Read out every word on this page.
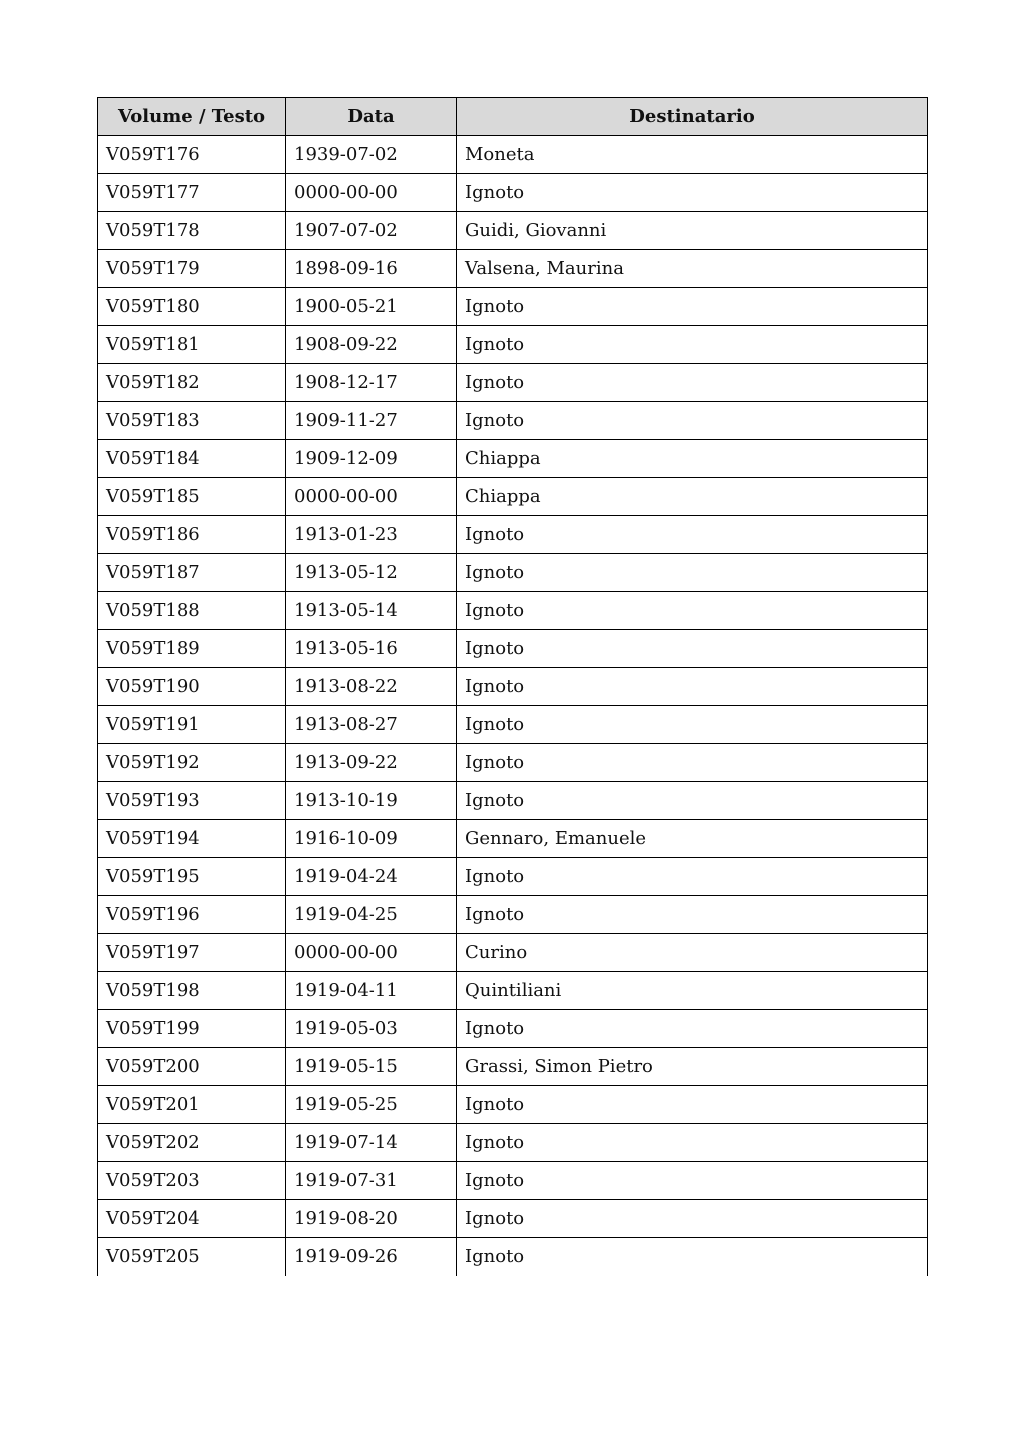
Volume / Testo	Data	Destinatario
V059T176	1939-07-02	Moneta
V059T177	0000-00-00	Ignoto
V059T178	1907-07-02	Guidi, Giovanni
V059T179	1898-09-16	Valsena, Maurina
V059T180	1900-05-21	Ignoto
V059T181	1908-09-22	Ignoto
V059T182	1908-12-17	Ignoto
V059T183	1909-11-27	Ignoto
V059T184	1909-12-09	Chiappa
V059T185	0000-00-00	Chiappa
V059T186	1913-01-23	Ignoto
V059T187	1913-05-12	Ignoto
V059T188	1913-05-14	Ignoto
V059T189	1913-05-16	Ignoto
V059T190	1913-08-22	Ignoto
V059T191	1913-08-27	Ignoto
V059T192	1913-09-22	Ignoto
V059T193	1913-10-19	Ignoto
V059T194	1916-10-09	Gennaro, Emanuele
V059T195	1919-04-24	Ignoto
V059T196	1919-04-25	Ignoto
V059T197	0000-00-00	Curino
V059T198	1919-04-11	Quintiliani
V059T199	1919-05-03	Ignoto
V059T200	1919-05-15	Grassi, Simon Pietro
V059T201	1919-05-25	Ignoto
V059T202	1919-07-14	Ignoto
V059T203	1919-07-31	Ignoto
V059T204	1919-08-20	Ignoto
V059T205	1919-09-26	Ignoto
